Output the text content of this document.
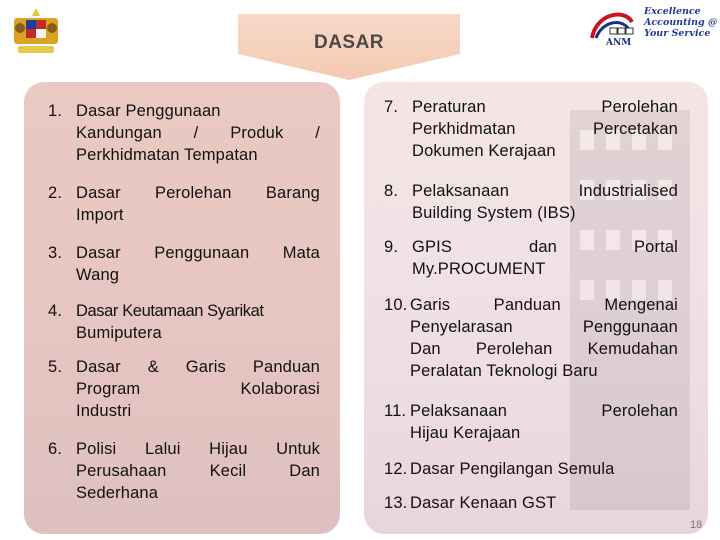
DASAR	ANM
Excellence
Accounting @
Your Service
1. Dasar Penggunaan
Kandungan / Produk /
Perkhidmatan Tempatan
2. Dasar Perolehan Barang
Import
3. Dasar Penggunaan Mata
Wang
4. Dasar Keutamaan Syarikat
Bumiputera
5. Dasar & Garis Panduan
Program Kolaborasi
Industri
6. Polisi Lalui Hijau Untuk
Perusahaan Kecil Dan
Sederhana
7. Peraturan Perolehan
Perkhidmatan Percetakan
Dokumen Kerajaan
8. Pelaksanaan Industrialised
Building System (IBS)
9. GPIS dan Portal
My.PROCUMENT
10. Garis Panduan Mengenai
Penyelarasan Penggunaan
Dan Perolehan Kemudahan
Peralatan Teknologi Baru
11. Pelaksanaan Perolehan
Hijau Kerajaan
12. Dasar Pengilangan Semula
13. Dasar Kenaan GST
18
